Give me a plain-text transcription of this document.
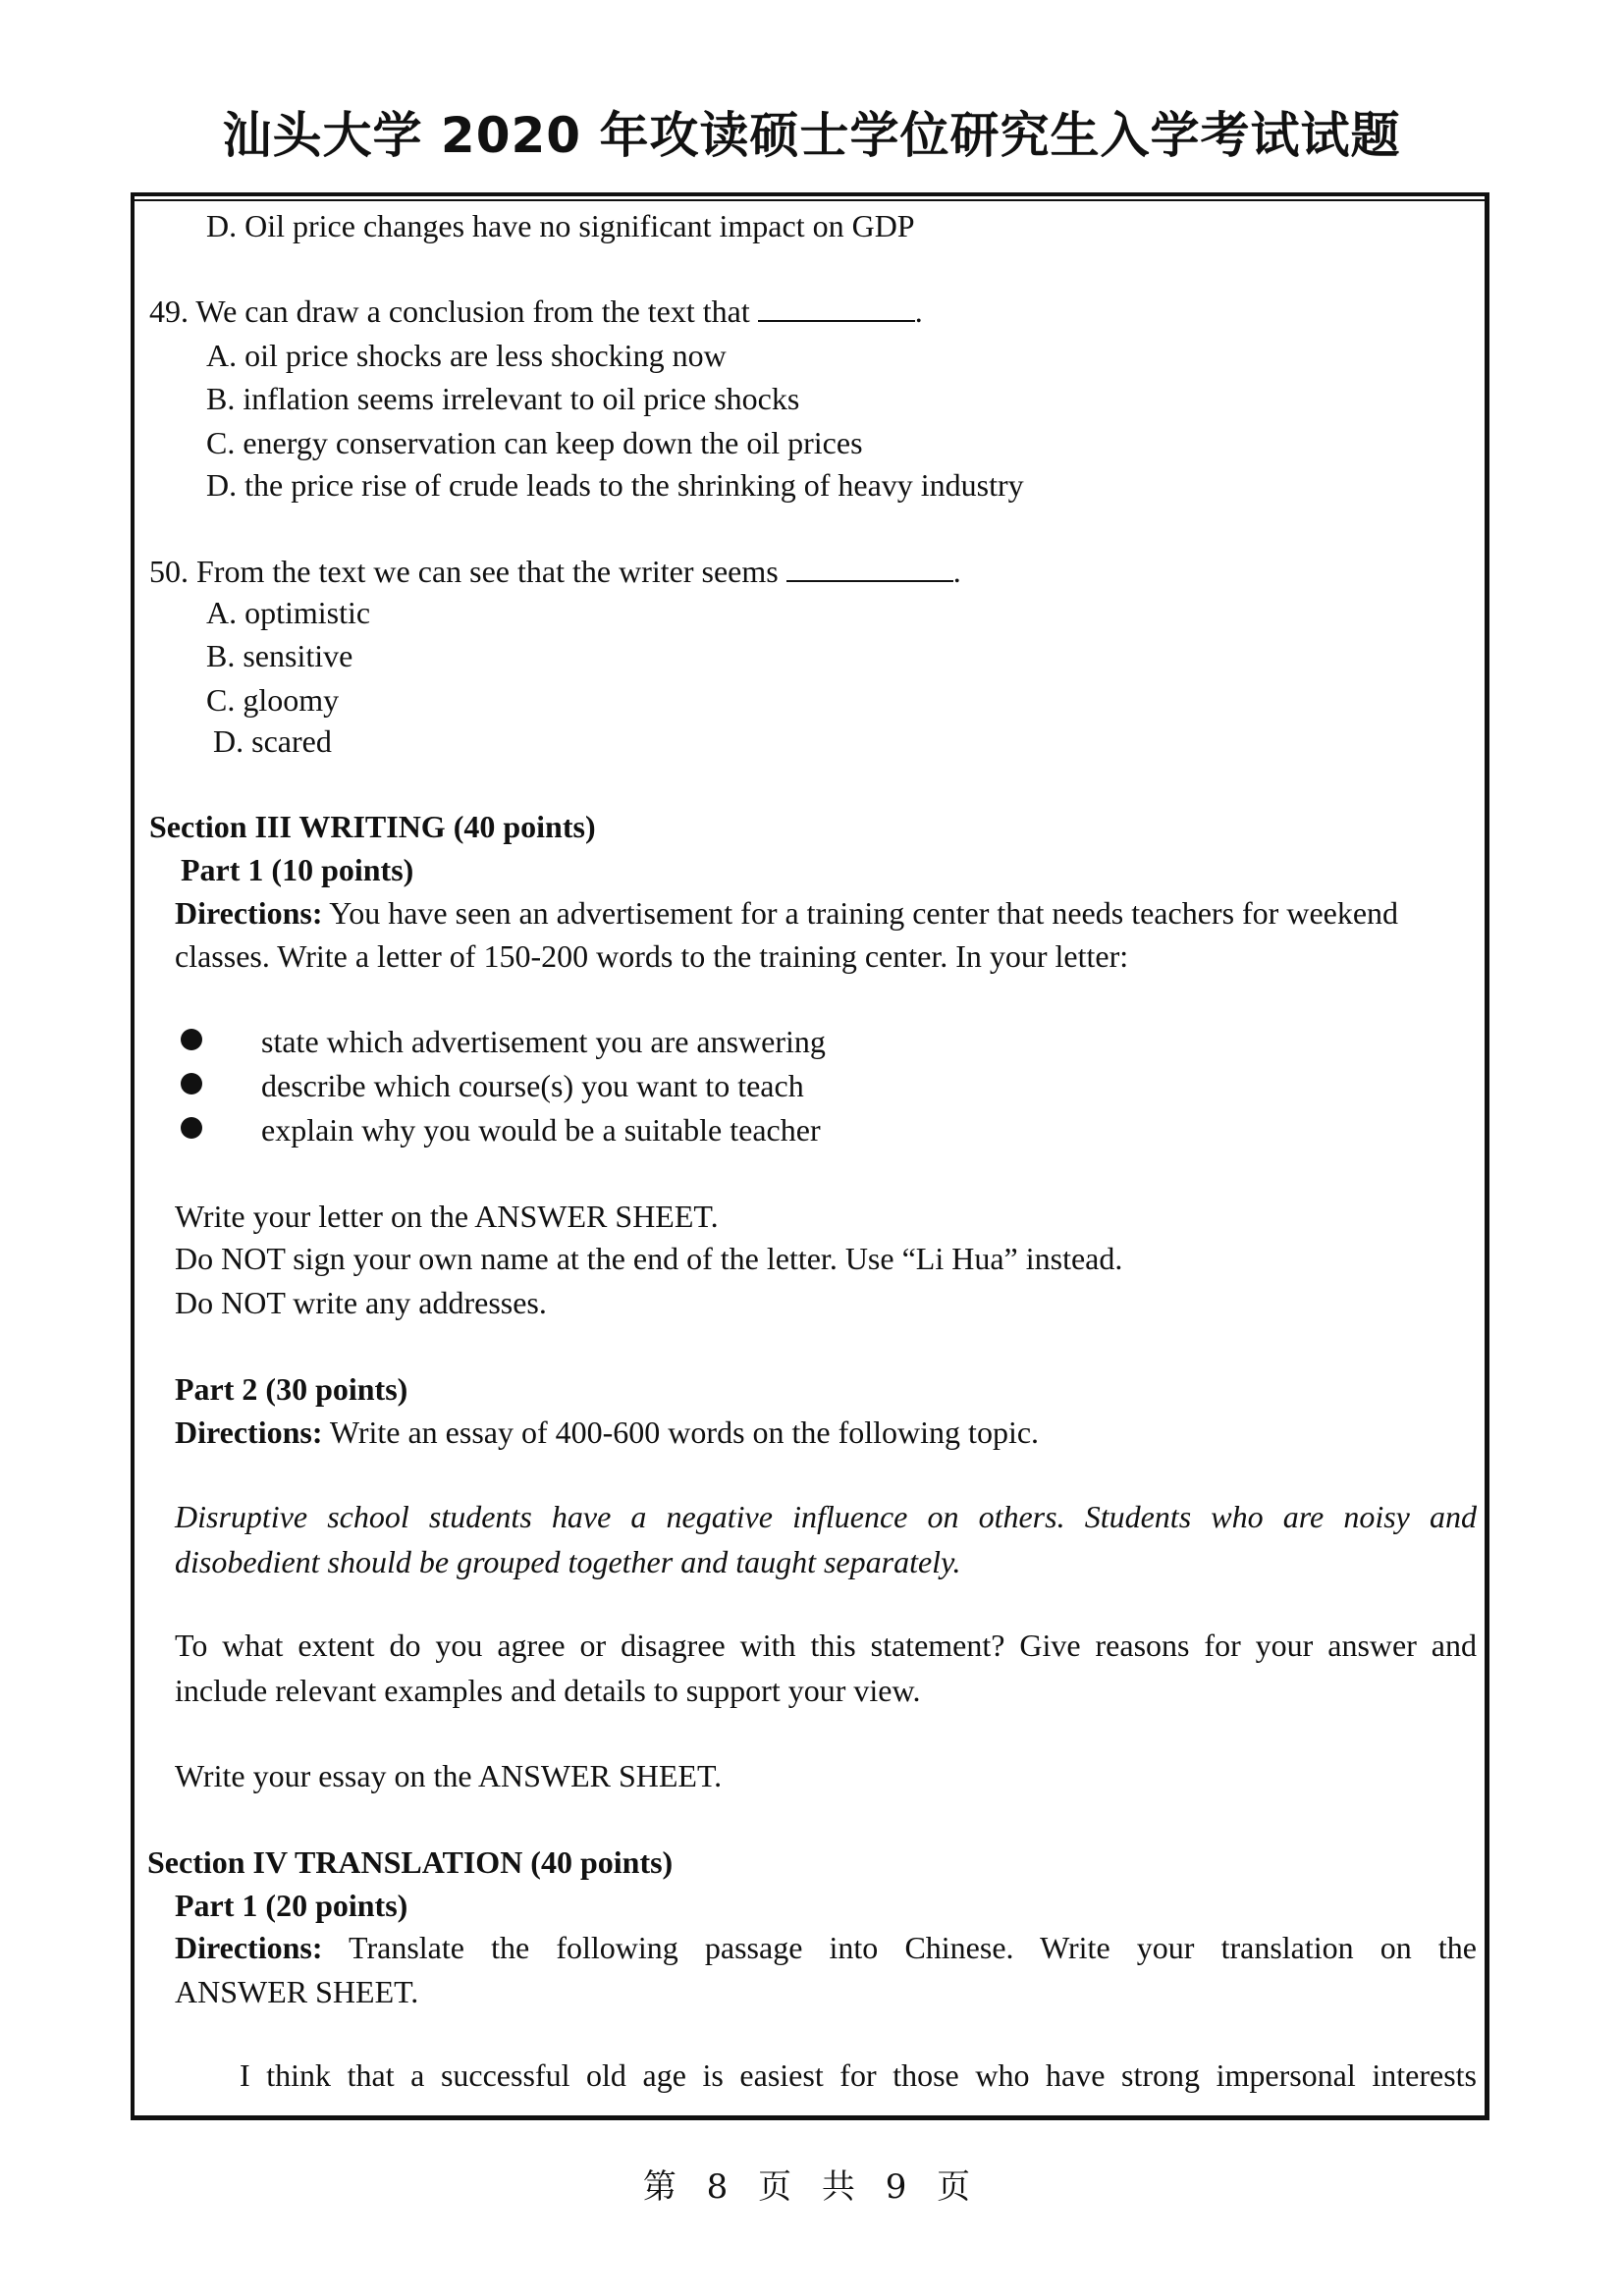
汕头大学 2020 年攻读硕士学位研究生入学考试试题
D. Oil price changes have no significant impact on GDP
49. We can draw a conclusion from the text that	.
A. oil price shocks are less shocking now
B. inflation seems irrelevant to oil price shocks
C. energy conservation can keep down the oil prices
D. the price rise of crude leads to the shrinking of heavy industry
50. From the text we can see that the writer seems	.
A. optimistic
B. sensitive
C. gloomy
D. scared
Section III WRITING (40 points)
Part 1 (10 points)
Directions: You have seen an advertisement for a training center that needs teachers for weekend
classes. Write a letter of 150-200 words to the training center. In your letter:
state which advertisement you are answering
describe which course(s) you want to teach
explain why you would be a suitable teacher
Write your letter on the ANSWER SHEET.
Do NOT sign your own name at the end of the letter. Use “Li Hua” instead.
Do NOT write any addresses.
Part 2 (30 points)
Directions: Write an essay of 400-600 words on the following topic.
Disruptive school students have a negative influence on others. Students who are noisy and
disobedient should be grouped together and taught separately.
To what extent do you agree or disagree with this statement? Give reasons for your answer and
include relevant examples and details to support your view.
Write your essay on the ANSWER SHEET.
Section IV TRANSLATION (40 points)
Part 1 (20 points)
Directions: Translate the following passage into Chinese. Write your translation on the
ANSWER SHEET.
I think that a successful old age is easiest for those who have strong impersonal interests
第 8 页 共 9 页
